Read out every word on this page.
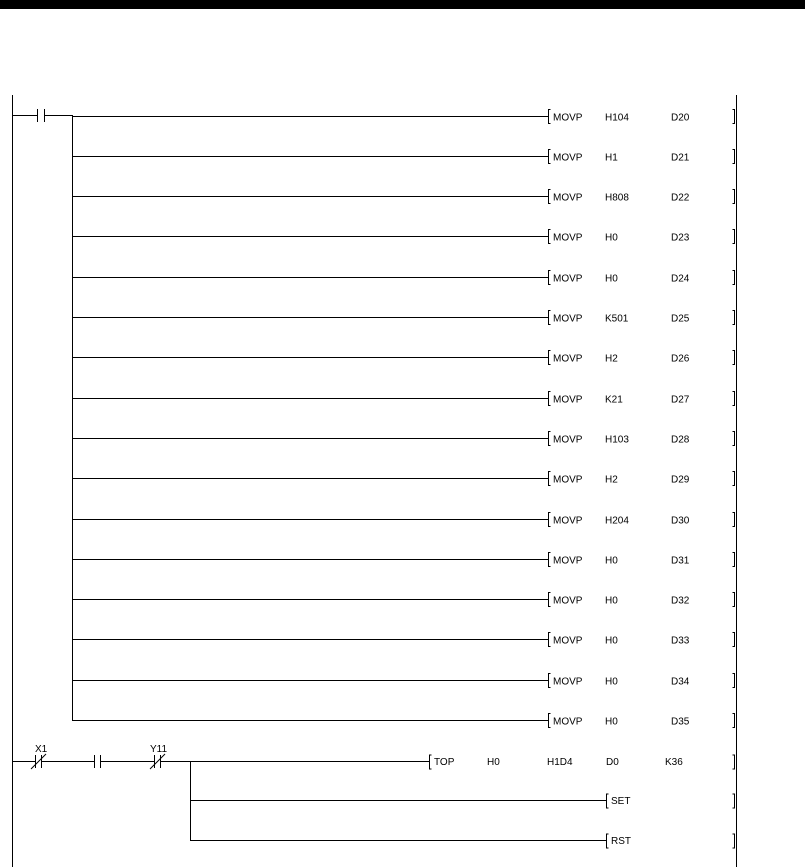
MOVP H104	D20
MOVP H1	D21
MOVP H808	D22
MOVP H0	D23
MOVP H0	D24
MOVP K501	D25
MOVP H2	D26
MOVP K21	D27
MOVP H103	D28
MOVP H2	D29
MOVP H204	D30
MOVP H0	D31
MOVP H0	D32
MOVP H0	D33
MOVP H0	D34
MOVP H0	D35
X1	Y11
TOP	H0	H1D4	D0	K36
SET
RST
